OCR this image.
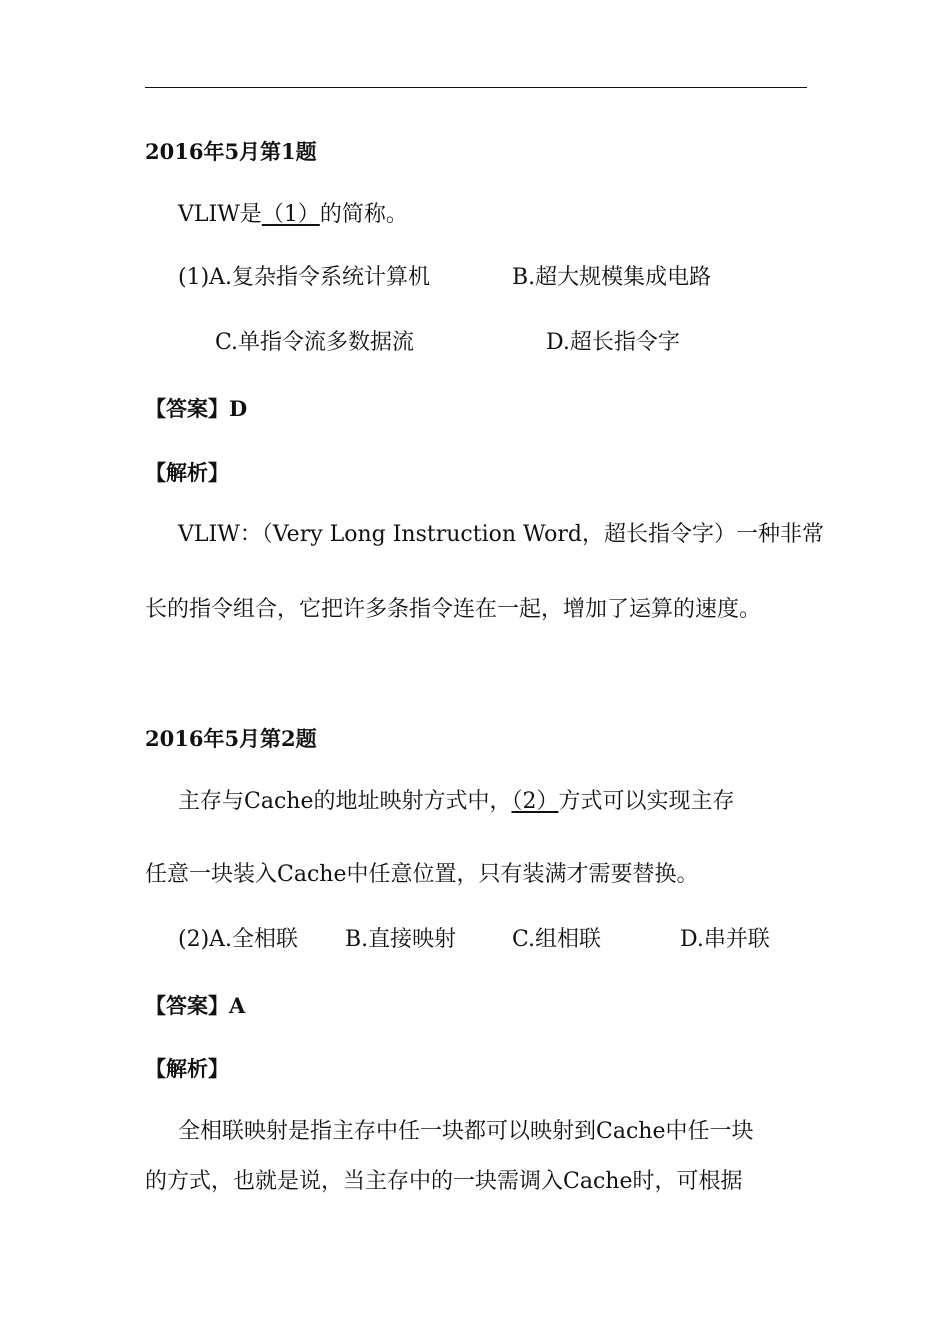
2016年5月第1题
VLIW是（1）的简称。
(1)A.复杂指令系统计算机	B.超大规模集成电路
C.单指令流多数据流	D.超长指令字
【答案】D
【解析】
VLIW：（Very Long Instruction Word，超长指令字）一种非常
长的指令组合，它把许多条指令连在一起，增加了运算的速度。
2016年5月第2题
主存与Cache的地址映射方式中，（2）方式可以实现主存
任意一块装入Cache中任意位置，只有装满才需要替换。
(2)A.全相联 B.直接映射	C.组相联	D.串并联
【答案】A
【解析】
全相联映射是指主存中任一块都可以映射到Cache中任一块
的方式，也就是说，当主存中的一块需调入Cache时，可根据
